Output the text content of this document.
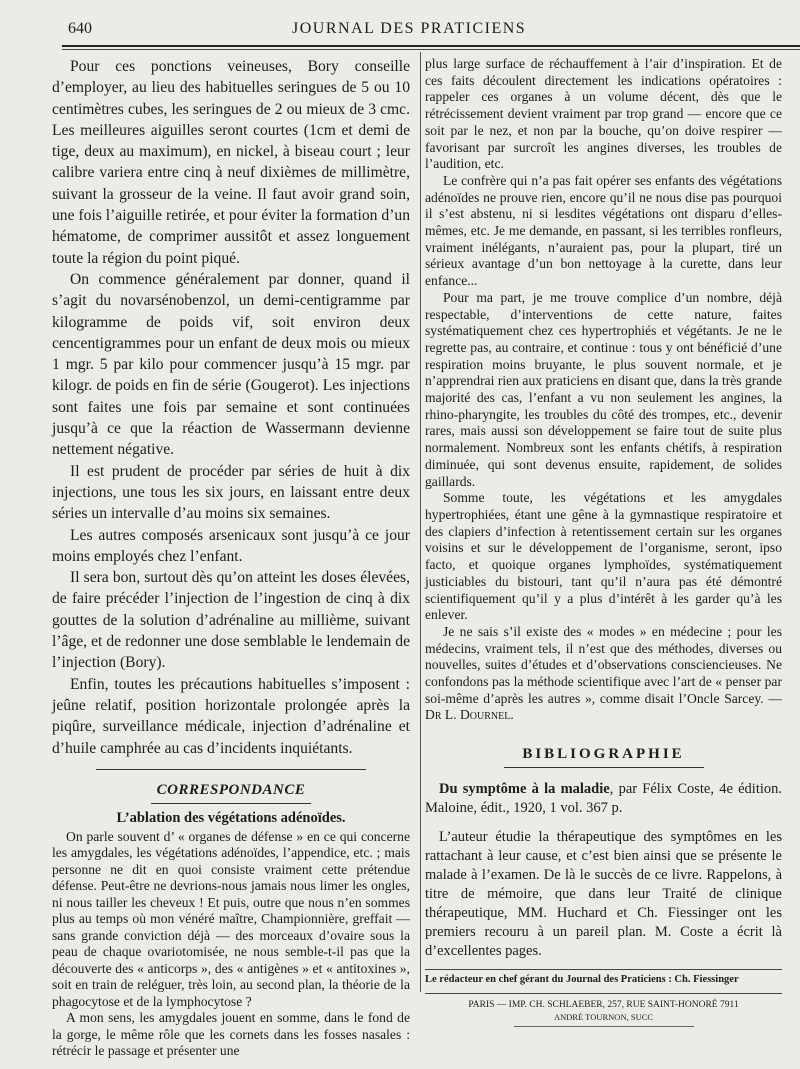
640	JOURNAL DES PRATICIENS

Pour ces ponctions veineuses, Bory conseille d’employer, au lieu des habituelles seringues de 5 ou 10 centimètres cubes, les seringues de 2 ou mieux de 3 cmc. Les meilleures aiguilles seront courtes (1cm et demi de tige, deux au maximum), en nickel, à biseau court ; leur calibre variera entre cinq à neuf dixièmes de millimètre, suivant la grosseur de la veine. Il faut avoir grand soin, une fois l’aiguille retirée, et pour éviter la formation d’un hématome, de comprimer aussitôt et assez longuement toute la région du point piqué.

On commence généralement par donner, quand il s’agit du novarsénobenzol, un demi-centigramme par kilogramme de poids vif, soit environ deux cencentigrammes pour un enfant de deux mois ou mieux 1 mgr. 5 par kilo pour commencer jusqu’à 15 mgr. par kilogr. de poids en fin de série (Gougerot). Les injections sont faites une fois par semaine et sont continuées jusqu’à ce que la réaction de Wassermann devienne nettement négative.

Il est prudent de procéder par séries de huit à dix injections, une tous les six jours, en laissant entre deux séries un intervalle d’au moins six semaines.

Les autres composés arsenicaux sont jusqu’à ce jour moins employés chez l’enfant.

Il sera bon, surtout dès qu’on atteint les doses élevées, de faire précéder l’injection de l’ingestion de cinq à dix gouttes de la solution d’adrénaline au millième, suivant l’âge, et de redonner une dose semblable le lendemain de l’injection (Bory).

Enfin, toutes les précautions habituelles s’imposent : jeûne relatif, position horizontale prolongée après la piqûre, surveillance médicale, injection d’adrénaline et d’huile camphrée au cas d’incidents inquiétants.

CORRESPONDANCE
L’ablation des végétations adénoïdes.

On parle souvent d’ « organes de défense » en ce qui concerne les amygdales, les végétations adénoïdes, l’appendice, etc. ; mais personne ne dit en quoi consiste vraiment cette prétendue défense. Peut-être ne devrions-nous jamais nous limer les ongles, ni nous tailler les cheveux ! Et puis, outre que nous n’en sommes plus au temps où mon vénéré maître, Championnière, greffait — sans grande conviction déjà — des morceaux d’ovaire sous la peau de chaque ovariotomisée, ne nous semble-t-il pas que la découverte des « anticorps », des « antigènes » et « antitoxines », soit en train de reléguer, très loin, au second plan, la théorie de la phagocytose et de la lymphocytose ?

A mon sens, les amygdales jouent en somme, dans le fond de la gorge, le même rôle que les cornets dans les fosses nasales : rétrécir le passage et présenter une

plus large surface de réchauffement à l’air d’inspiration. Et de ces faits découlent directement les indications opératoires : rappeler ces organes à un volume décent, dès que le rétrécissement devient vraiment par trop grand — encore que ce soit par le nez, et non par la bouche, qu’on doive respirer — favorisant par surcroît les angines diverses, les troubles de l’audition, etc.

Le confrère qui n’a pas fait opérer ses enfants des végétations adénoïdes ne prouve rien, encore qu’il ne nous dise pas pourquoi il s’est abstenu, ni si lesdites végétations ont disparu d’elles-mêmes, etc. Je me demande, en passant, si les terribles ronfleurs, vraiment inélégants, n’auraient pas, pour la plupart, tiré un sérieux avantage d’un bon nettoyage à la curette, dans leur enfance...

Pour ma part, je me trouve complice d’un nombre, déjà respectable, d’interventions de cette nature, faites systématiquement chez ces hypertrophiés et végétants. Je ne le regrette pas, au contraire, et continue : tous y ont bénéficié d’une respiration moins bruyante, le plus souvent normale, et je n’apprendrai rien aux praticiens en disant que, dans la très grande majorité des cas, l’enfant a vu non seulement les angines, la rhino-pharyngite, les troubles du côté des trompes, etc., devenir rares, mais aussi son développement se faire tout de suite plus normalement. Nombreux sont les enfants chétifs, à respiration diminuée, qui sont devenus ensuite, rapidement, de solides gaillards.

Somme toute, les végétations et les amygdales hypertrophiées, étant une gêne à la gymnastique respiratoire et des clapiers d’infection à retentissement certain sur les organes voisins et sur le développement de l’organisme, seront, ipso facto, et quoique organes lymphoïdes, systématiquement justiciables du bistouri, tant qu’il n’aura pas été démontré scientifiquement qu’il y a plus d’intérêt à les garder qu’à les enlever.

Je ne sais s’il existe des « modes » en médecine ; pour les médecins, vraiment tels, il n’est que des méthodes, diverses ou nouvelles, suites d’études et d’observations consciencieuses. Ne confondons pas la méthode scientifique avec l’art de « penser par soi-même d’après les autres », comme disait l’Oncle Sarcey. — Dr L. Dournel.

BIBLIOGRAPHIE

Du symptôme à la maladie, par Félix Coste, 4e édition. Maloine, édit., 1920, 1 vol. 367 p.

L’auteur étudie la thérapeutique des symptômes en les rattachant à leur cause, et c’est bien ainsi que se présente le malade à l’examen. De là le succès de ce livre. Rappelons, à titre de mémoire, que dans leur Traité de clinique thérapeutique, MM. Huchard et Ch. Fiessinger ont les premiers recouru à un pareil plan. M. Coste a écrit là d’excellentes pages.

Le rédacteur en chef gérant du Journal des Praticiens : Ch. Fiessinger
PARIS — IMP. CH. SCHLAEBER, 257, RUE SAINT-HONORÉ 7911
ANDRÉ TOURNON, SUCC
